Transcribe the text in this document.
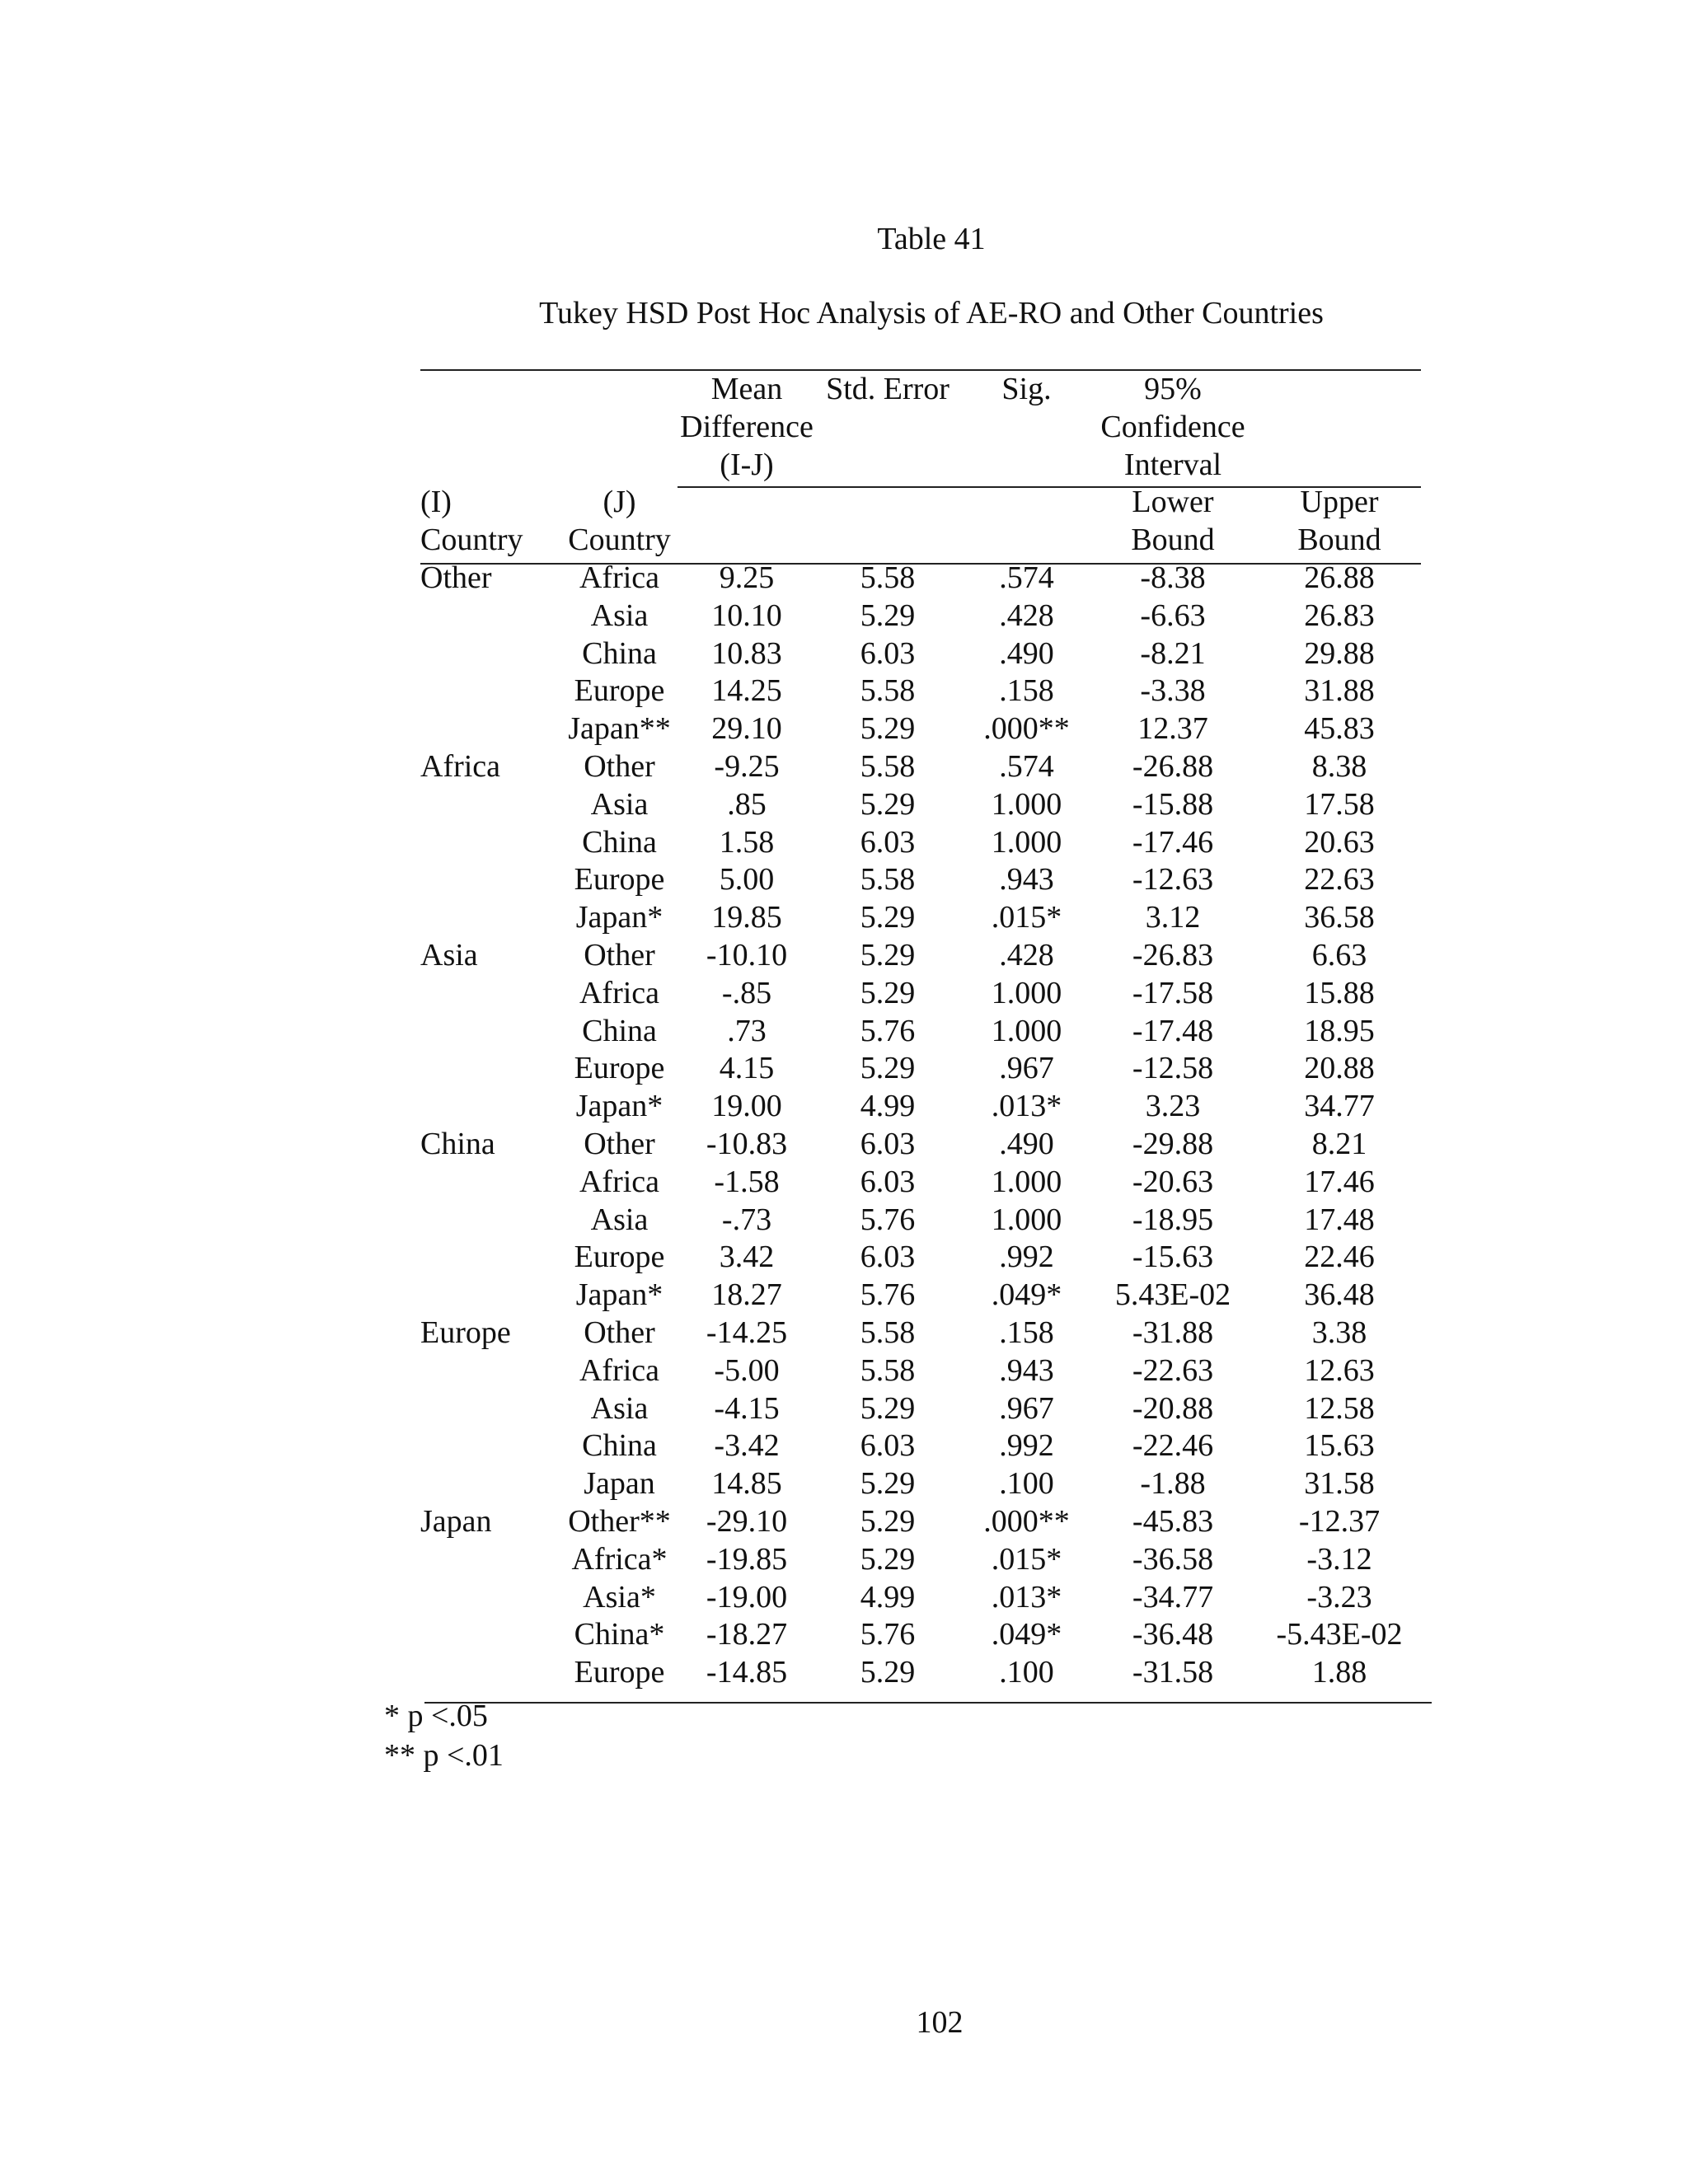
Table 41
Tukey HSD Post Hoc Analysis of AE-RO and Other Countries
		Mean	Std. Error	Sig.	95%	
		Difference			Confidence	
		(I-J)			Interval	
(I)	(J)				Lower	Upper
Country	Country				Bound	Bound
Other	Africa	9.25	5.58	.574	-8.38	26.88
	Asia	10.10	5.29	.428	-6.63	26.83
	China	10.83	6.03	.490	-8.21	29.88
	Europe	14.25	5.58	.158	-3.38	31.88
	Japan**	29.10	5.29	.000**	12.37	45.83
Africa	Other	-9.25	5.58	.574	-26.88	8.38
	Asia	.85	5.29	1.000	-15.88	17.58
	China	1.58	6.03	1.000	-17.46	20.63
	Europe	5.00	5.58	.943	-12.63	22.63
	Japan*	19.85	5.29	.015*	3.12	36.58
Asia	Other	-10.10	5.29	.428	-26.83	6.63
	Africa	-.85	5.29	1.000	-17.58	15.88
	China	.73	5.76	1.000	-17.48	18.95
	Europe	4.15	5.29	.967	-12.58	20.88
	Japan*	19.00	4.99	.013*	3.23	34.77
China	Other	-10.83	6.03	.490	-29.88	8.21
	Africa	-1.58	6.03	1.000	-20.63	17.46
	Asia	-.73	5.76	1.000	-18.95	17.48
	Europe	3.42	6.03	.992	-15.63	22.46
	Japan*	18.27	5.76	.049*	5.43E-02	36.48
Europe	Other	-14.25	5.58	.158	-31.88	3.38
	Africa	-5.00	5.58	.943	-22.63	12.63
	Asia	-4.15	5.29	.967	-20.88	12.58
	China	-3.42	6.03	.992	-22.46	15.63
	Japan	14.85	5.29	.100	-1.88	31.58
Japan	Other**	-29.10	5.29	.000**	-45.83	-12.37
	Africa*	-19.85	5.29	.015*	-36.58	-3.12
	Asia*	-19.00	4.99	.013*	-34.77	-3.23
	China*	-18.27	5.76	.049*	-36.48	-5.43E-02
	Europe	-14.85	5.29	.100	-31.58	1.88
* p <.05
** p <.01
102
